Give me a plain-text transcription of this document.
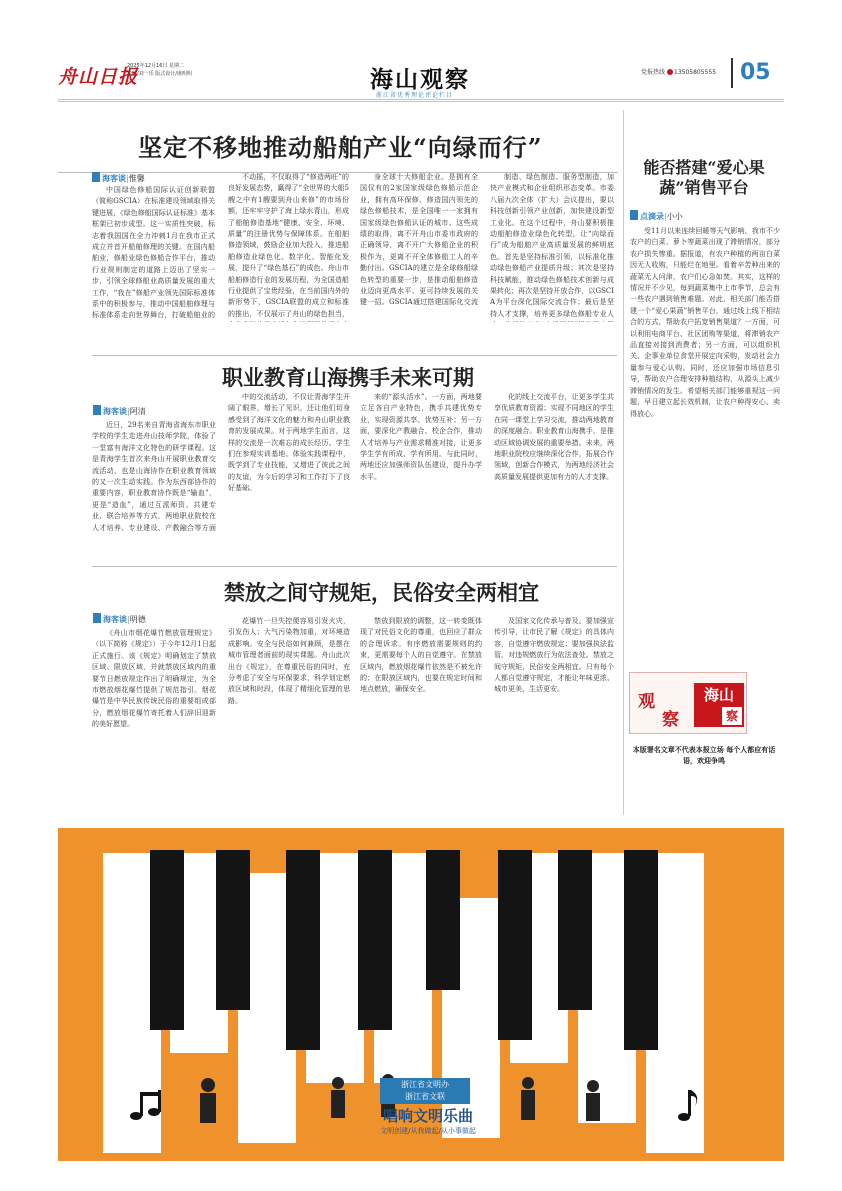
舟山日报
2025年12月16日 星期二
责编/刘一乐 版式设计/虞明明	海山观察
浙江省优秀理论评论栏目
党报热线 13505805555 05
坚定不移地推动船舶产业“向绿而行”
海客谈|惟馨

中国绿色修船国际认证创新联盟（简称GSCIA）在标准建设领域取得关键进展，《绿色修船国际认证标准》基本框架已初步成型。这一实质性突破，标志着我国国在全力冲刺1月在我市正式成立并首开船舶修理的关键。在国内船舶业，修船业绿色修船合作平台，推动行业规则制定的道路上迈出了坚实一步，引领全球修船业高质量发展的重大工作，“我在”修船产业领先国际标准体系中的积极参与，推动中国船舶修理与标准体系走向世界舞台，打破船舶业的

不动摇，不仅取得了“修造两旺”的良好发展态势，赢得了“全世界的大船5艘之中有1艘要到舟山来修”的市场份额，还牢牢守护了海上绿水青山，形成了船舶修造基地“健康、安全、环境、质量”的注册优势与保障体系。在船舶修造领域，鼓励企业加大投入，推进船舶修造业绿色化、数字化、智能化发展，提升了“绿色基石”的成色。舟山市船舶修造行业的发展历程，为全国造船行业提供了宝贵经验，在当前国内外的新形势下，GSCIA联盟的成立和标准的推出，不仅展示了舟山的绿色担当，

身全球十大修船企业。是拥有全国仅有的2家国家级绿色修船示范企业，拥有高环保修、修造国内领先的绿色修船技术，是全国唯一一家拥有国家级绿色修船认证的城市。这些成绩的取得，离不开舟山市委市政府的正确领导，离不开广大修船企业的积极作为，更离不开全体修船工人的辛勤付出。GSCIA的建立是全球修船绿色转型的重要一步，是推动船舶修造业迈向更高水平、更可持续发展的关键一招。GSCIA通过搭建国际化交流

制造、绿色制造、服务型制造，加快产业模式和企业组织形态变革。市委八届九次全体（扩大）会议提出，要以科技创新引领产业创新，加快建设新型工业化。在这个过程中，舟山要积极推动船舶修造业绿色化转型，让“向绿而行”成为船舶产业高质量发展的鲜明底色。首先是坚持标准引领，以标准化推动绿色修船产业提质升级；其次是坚持科技赋能，推动绿色修船技术创新与成果转化；再次是坚持开放合作，以GSCIA为平台深化国际交流合作；最后是坚持人才支撑，培养更多绿色修船专业人

职业教育山海携手未来可期
海客谈|阿清

近日，29名来自青海省海东市职业学校的学生走进舟山技师学院，体验了一堂富有海洋文化特色的研学课程。这是青海学生首次来舟山开展职业教育交流活动，也是山海协作在职业教育领域的又一次生动实践。作为东西部协作的重要内容，职业教育协作既是“输血”，更是“造血”，通过互派师资、共建专业、联合培养等方式，两地职业院校在人才培养、专业建设、产教融合等方面

中的交流活动，不仅让青海学生开阔了眼界，增长了见识，还让他们切身感受到了海洋文化的魅力和舟山职业教育的发展成果。对于两地学生而言，这样的交流是一次难忘的成长经历。学生们在参观实训基地、体验实践课程中，既学到了专业技能，又增进了彼此之间的友谊，为今后的学习和工作打下了良好基础。

来的“源头活水”。一方面，两地要立足各自产业特色，携手共建优势专业，实现资源共享、优势互补；另一方面，要深化产教融合、校企合作，推动人才培养与产业需求精准对接，让更多学生学有所成、学有所用。与此同时，两地还应加强师资队伍建设，提升办学水平。

化的线上交流平台，让更多学生共享优质教育资源；实现不同地区的学生在同一课堂上学习交流，推动两地教育的深度融合。职业教育山海携手，是推动区域协调发展的重要举措。未来，两地职业院校应继续深化合作，拓展合作领域，创新合作模式，为两地经济社会高质量发展提供更加有力的人才支撑。

禁放之间守规矩，民俗安全两相宜
海客谈|明德

《舟山市烟花爆竹燃放管理规定》（以下简称《规定》）于今年12月1日起正式施行。该《规定》明确划定了禁放区域、限放区域，并就禁放区域内的重要节日燃放规定作出了明确规定，为全市燃放烟花爆竹提供了规范指引。烟花爆竹是中华民族传统民俗的重要组成部分，燃放烟花爆竹寄托着人们辞旧迎新的美好愿望。

花爆竹一旦失控便容易引发火灾，引发伤人；大气污染物加重，对环境造成影响。安全与民俗如何兼顾，是摆在城市管理者面前的现实课题。舟山此次出台《规定》，在尊重民俗的同时，充分考虑了安全与环保要求，科学划定燃放区域和时段，体现了精细化管理的思路。

禁放到限放的调整，这一转变既体现了对民俗文化的尊重，也回应了群众的合理诉求。有序燃放需要规则的约束，更需要每个人的自觉遵守。在禁放区域内，燃放烟花爆竹依然是不被允许的；在限放区域内，也要在规定时间和地点燃放，确保安全。

及国家文化传承与普及。要加强宣传引导，让市民了解《规定》的具体内容，自觉遵守燃放规定；要加强执法监管，对违规燃放行为依法查处。禁放之间守规矩，民俗安全两相宜。只有每个人都自觉遵守规定，才能让年味更浓、城市更美、生活更安。

能否搭建“爱心果蔬”销售平台
点滴录|小小

受11月以来连续回暖等天气影响，我市不少农户的白菜、萝卜等蔬菜出现了滞销情况，部分农户损失惨重。据报道，有农户种植的两亩白菜因无人收购，只能烂在地里。看着辛苦种出来的蔬菜无人问津，农户们心急如焚。其实，这样的情况并不少见，每到蔬菜集中上市季节，总会有一些农户遇到销售难题。对此，相关部门能否搭建一个“爱心果蔬”销售平台，通过线上线下相结合的方式，帮助农户拓宽销售渠道？一方面，可以利用电商平台、社区团购等渠道，将滞销农产品直接对接到消费者；另一方面，可以组织机关、企事业单位食堂开展定向采购，发动社会力量参与爱心认购。同时，还应加强市场信息引导，帮助农户合理安排种植结构，从源头上减少滞销情况的发生。希望相关部门能够重视这一问题，早日建立起长效机制，让农户种得安心、卖得放心。

海山

观
察	察
本版署名文章不代表本报立场 每个人都应有话语，欢迎争鸣
浙江省文明办
浙江省文联
唱响文明乐曲
文明创建/从我做起/从小事做起
